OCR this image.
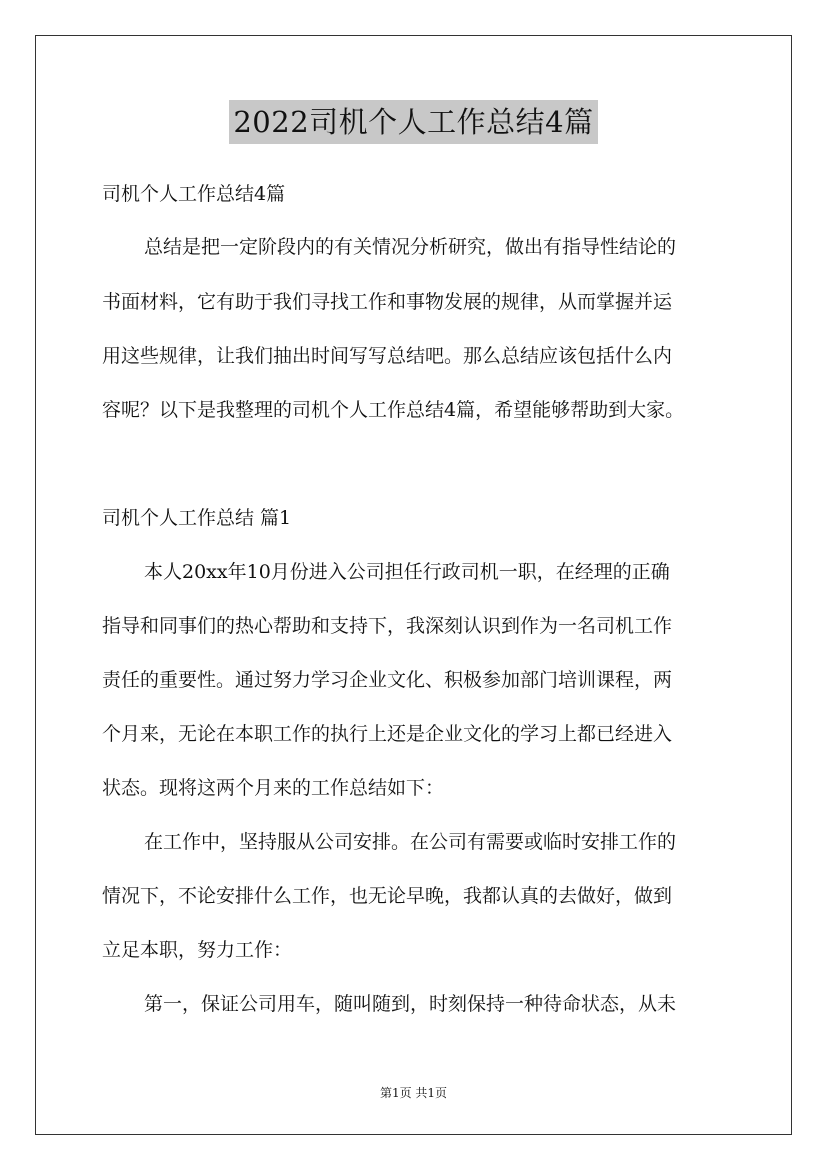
2022司机个人工作总结4篇
司机个人工作总结4篇
总结是把一定阶段内的有关情况分析研究，做出有指导性结论的
书面材料，它有助于我们寻找工作和事物发展的规律，从而掌握并运
用这些规律，让我们抽出时间写写总结吧。那么总结应该包括什么内
容呢？以下是我整理的司机个人工作总结4篇，希望能够帮助到大家。
司机个人工作总结 篇1
本人20xx年10月份进入公司担任行政司机一职，在经理的正确
指导和同事们的热心帮助和支持下，我深刻认识到作为一名司机工作
责任的重要性。通过努力学习企业文化、积极参加部门培训课程，两
个月来，无论在本职工作的执行上还是企业文化的学习上都已经进入
状态。现将这两个月来的工作总结如下：
在工作中，坚持服从公司安排。在公司有需要或临时安排工作的
情况下，不论安排什么工作，也无论早晚，我都认真的去做好，做到
立足本职，努力工作：
第一，保证公司用车，随叫随到，时刻保持一种待命状态，从未
第1页 共1页
